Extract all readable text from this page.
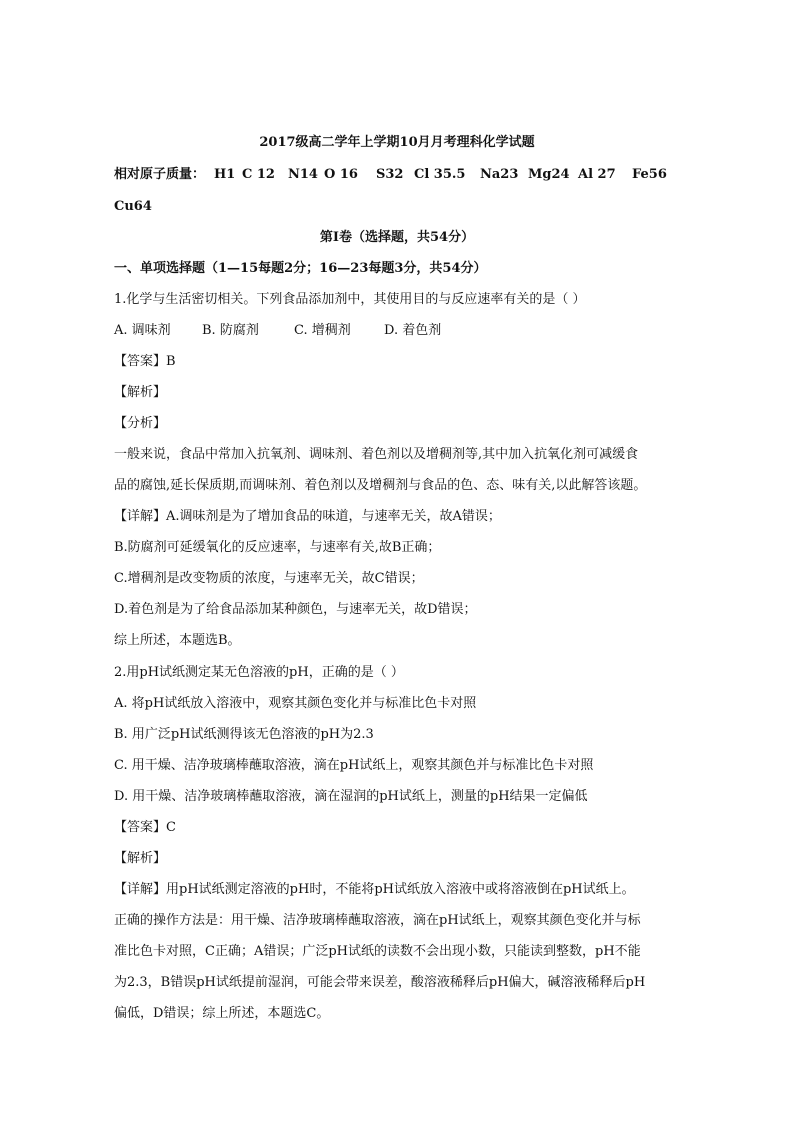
2017级高二学年上学期10月月考理科化学试题
相对原子质量： H1 C 12 N14 O 16 S32 Cl 35.5 Na23 Mg24 Al 27 Fe56
Cu64
第Ⅰ卷（选择题，共54分）
一、单项选择题（1—15每题2分；16—23每题3分，共54分）
1.化学与生活密切相关。下列食品添加剂中，其使用目的与反应速率有关的是（ ）
A. 调味剂 B. 防腐剂	C. 增稠剂	D. 着色剂
【答案】B
【解析】
【分析】
一般来说，食品中常加入抗氧剂、调味剂、着色剂以及增稠剂等,其中加入抗氧化剂可减缓食
品的腐蚀,延长保质期,而调味剂、着色剂以及增稠剂与食品的色、态、味有关,以此解答该题。
【详解】A.调味剂是为了增加食品的味道，与速率无关，故A错误；
B.防腐剂可延缓氧化的反应速率，与速率有关,故B正确；
C.增稠剂是改变物质的浓度，与速率无关，故C错误；
D.着色剂是为了给食品添加某种颜色，与速率无关，故D错误；
综上所述，本题选B。
2.用pH试纸测定某无色溶液的pH，正确的是（ ）
A. 将pH试纸放入溶液中，观察其颜色变化并与标准比色卡对照
B. 用广泛pH试纸测得该无色溶液的pH为2.3
C. 用干燥、洁净玻璃棒蘸取溶液，滴在pH试纸上，观察其颜色并与标准比色卡对照
D. 用干燥、洁净玻璃棒蘸取溶液，滴在湿润的pH试纸上，测量的pH结果一定偏低
【答案】C
【解析】
【详解】用pH试纸测定溶液的pH时，不能将pH试纸放入溶液中或将溶液倒在pH试纸上。
正确的操作方法是：用干燥、洁净玻璃棒蘸取溶液，滴在pH试纸上，观察其颜色变化并与标
准比色卡对照，C正确；A错误；广泛pH试纸的读数不会出现小数，只能读到整数，pH不能
为2.3，B错误pH试纸提前湿润，可能会带来误差，酸溶液稀释后pH偏大，碱溶液稀释后pH
偏低，D错误；综上所述，本题选C。
